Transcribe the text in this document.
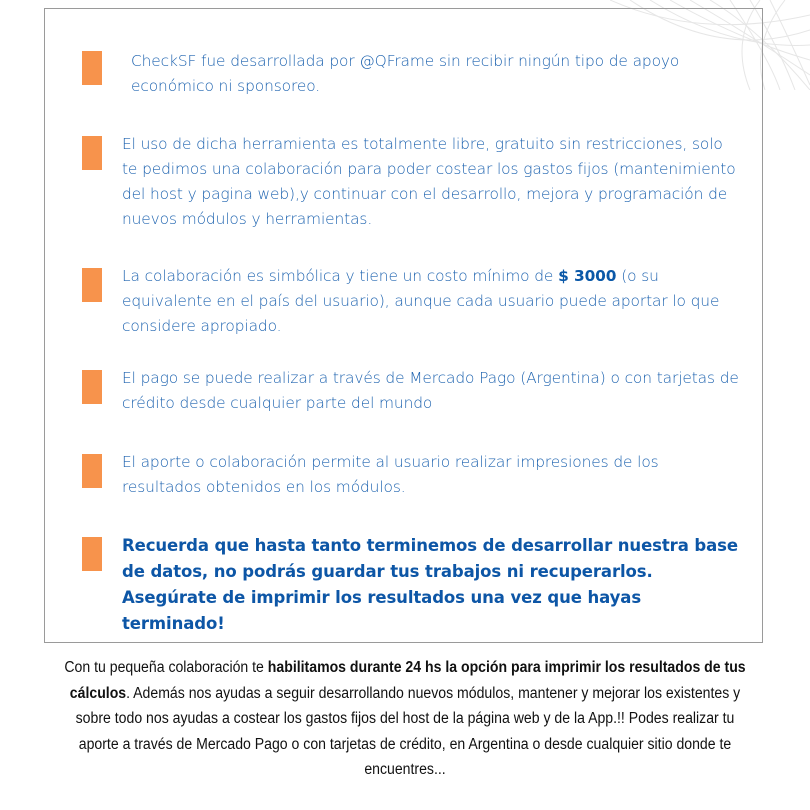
CheckSF fue desarrollada por @QFrame sin recibir ningún tipo de apoyo económico ni sponsoreo.
El uso de dicha herramienta es totalmente libre, gratuito sin restricciones, solo te pedimos una colaboración para poder costear los gastos fijos (mantenimiento del host y pagina web),y continuar con el desarrollo, mejora y programación de nuevos módulos y herramientas.
La colaboración es simbólica y tiene un costo mínimo de $ 3000 (o su equivalente en el país del usuario), aunque cada usuario puede aportar lo que considere apropiado.
El pago se puede realizar a través de Mercado Pago (Argentina) o con tarjetas de crédito desde cualquier parte del mundo
El aporte o colaboración permite al usuario realizar impresiones de los resultados obtenidos en los módulos.
Recuerda que hasta tanto terminemos de desarrollar nuestra base de datos, no podrás guardar tus trabajos ni recuperarlos. Asegúrate de imprimir los resultados una vez que hayas terminado!
Con tu pequeña colaboración te habilitamos durante 24 hs la opción para imprimir los resultados de tus cálculos. Además nos ayudas a seguir desarrollando nuevos módulos, mantener y mejorar los existentes y sobre todo nos ayudas a costear los gastos fijos del host de la página web y de la App.!! Podes realizar tu aporte a través de Mercado Pago o con tarjetas de crédito, en Argentina o desde cualquier sitio donde te encuentres...
